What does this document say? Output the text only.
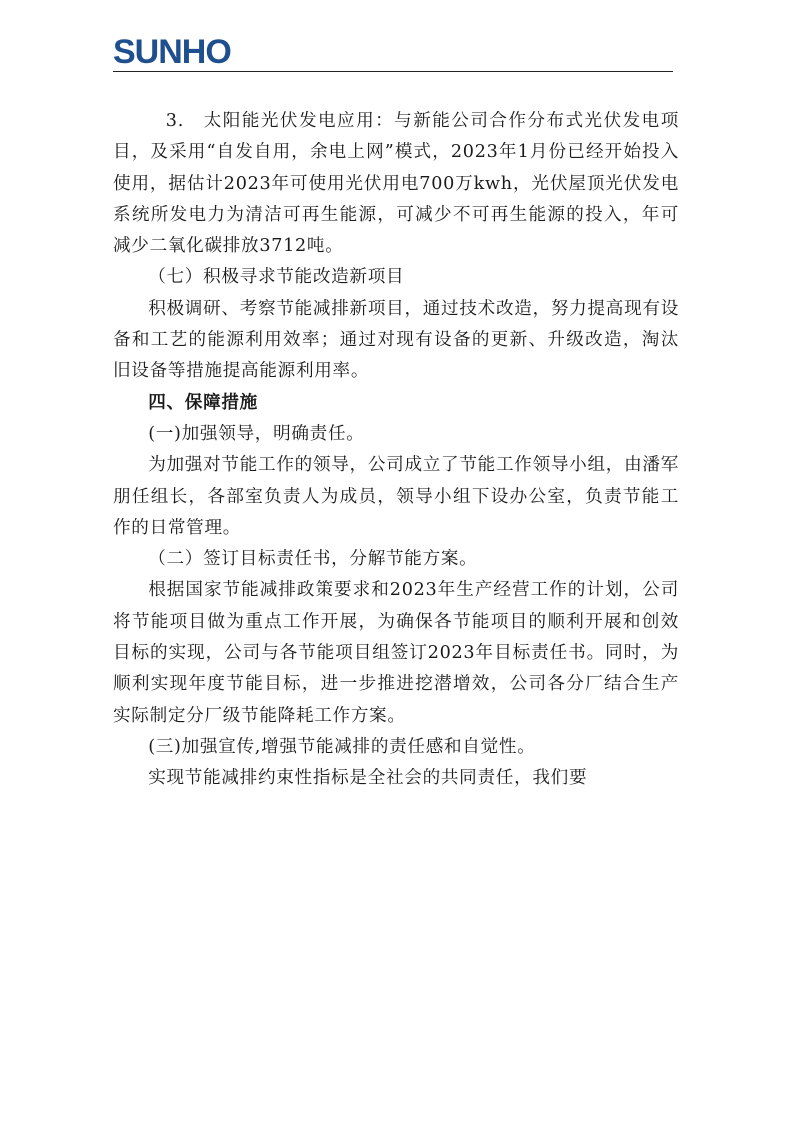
SUNHO

3.　太阳能光伏发电应用：与新能公司合作分布式光伏发电项目，及采用“自发自用，余电上网”模式，2023年1月份已经开始投入使用，据估计2023年可使用光伏用电700万kwh，光伏屋顶光伏发电系统所发电力为清洁可再生能源，可减少不可再生能源的投入，年可减少二氧化碳排放3712吨。

（七）积极寻求节能改造新项目

积极调研、考察节能减排新项目，通过技术改造，努力提高现有设备和工艺的能源利用效率；通过对现有设备的更新、升级改造，淘汰旧设备等措施提高能源利用率。

四、保障措施

(一)加强领导，明确责任。

为加强对节能工作的领导，公司成立了节能工作领导小组，由潘军朋任组长，各部室负责人为成员，领导小组下设办公室，负责节能工作的日常管理。

（二）签订目标责任书，分解节能方案。

根据国家节能减排政策要求和2023年生产经营工作的计划，公司将节能项目做为重点工作开展，为确保各节能项目的顺利开展和创效目标的实现，公司与各节能项目组签订2023年目标责任书。同时，为顺利实现年度节能目标，进一步推进挖潜增效，公司各分厂结合生产实际制定分厂级节能降耗工作方案。

(三)加强宣传,增强节能减排的责任感和自觉性。

实现节能减排约束性指标是全社会的共同责任，我们要
